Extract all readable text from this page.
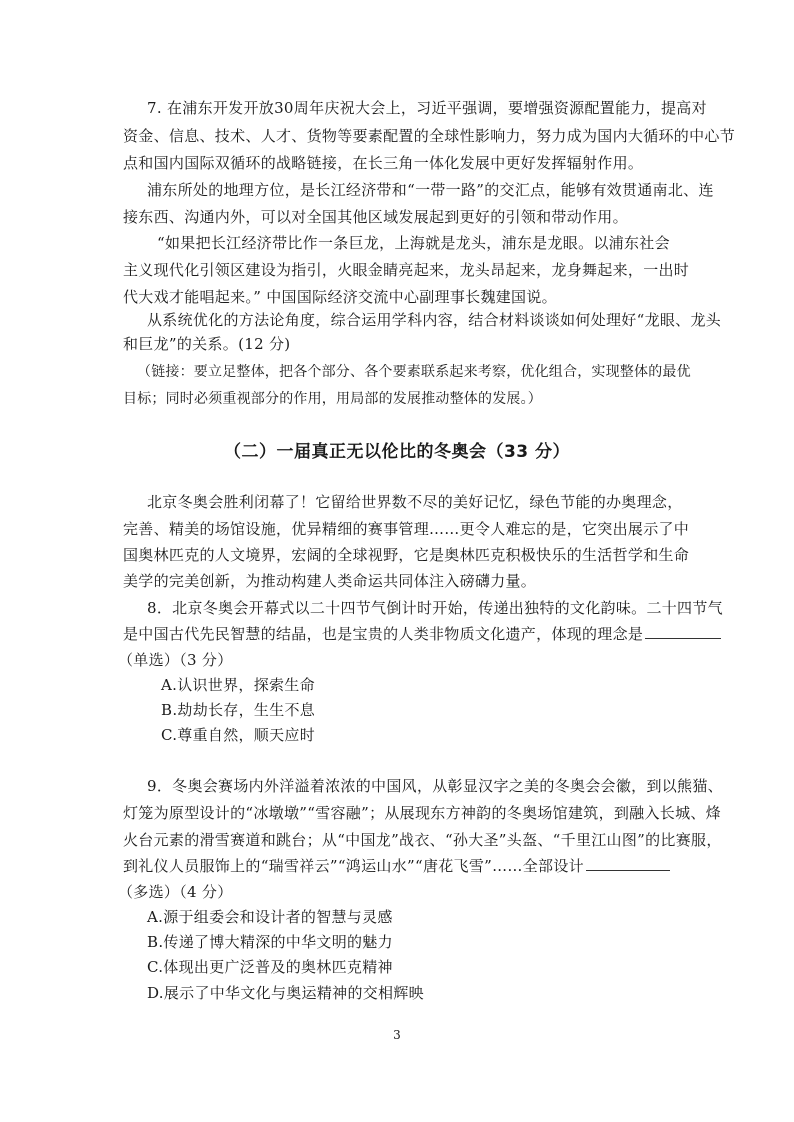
7. 在浦东开发开放30周年庆祝大会上，习近平强调，要增强资源配置能力，提高对
资金、信息、技术、人才、货物等要素配置的全球性影响力，努力成为国内大循环的中心节
点和国内国际双循环的战略链接，在长三角一体化发展中更好发挥辐射作用。
浦东所处的地理方位，是长江经济带和“一带一路”的交汇点，能够有效贯通南北、连
接东西、沟通内外，可以对全国其他区域发展起到更好的引领和带动作用。
“如果把长江经济带比作一条巨龙，上海就是龙头，浦东是龙眼。以浦东社会
主义现代化引领区建设为指引，火眼金睛亮起来，龙头昂起来，龙身舞起来，一出时
代大戏才能唱起来。” 中国国际经济交流中心副理事长魏建国说。
从系统优化的方法论角度，综合运用学科内容，结合材料谈谈如何处理好“龙眼、龙头
和巨龙”的关系。(12 分)
（链接：要立足整体，把各个部分、各个要素联系起来考察，优化组合，实现整体的最优
目标；同时必须重视部分的作用，用局部的发展推动整体的发展。）
（二）一届真正无以伦比的冬奥会（33 分）
北京冬奥会胜利闭幕了！它留给世界数不尽的美好记忆，绿色节能的办奥理念，
完善、精美的场馆设施，优异精细的赛事管理……更令人难忘的是，它突出展示了中
国奥林匹克的人文境界，宏阔的全球视野，它是奥林匹克积极快乐的生活哲学和生命
美学的完美创新，为推动构建人类命运共同体注入磅礴力量。
8．北京冬奥会开幕式以二十四节气倒计时开始，传递出独特的文化韵味。二十四节气
是中国古代先民智慧的结晶，也是宝贵的人类非物质文化遗产，体现的理念是
（单选）（3 分）
A.认识世界，探索生命
B.劫劫长存，生生不息
C.尊重自然，顺天应时
9．冬奥会赛场内外洋溢着浓浓的中国风，从彰显汉字之美的冬奥会会徽，到以熊猫、
灯笼为原型设计的“冰墩墩”“雪容融”；从展现东方神韵的冬奥场馆建筑，到融入长城、烽
火台元素的滑雪赛道和跳台；从“中国龙”战衣、“孙大圣”头盔、“千里江山图”的比赛服，
到礼仪人员服饰上的“瑞雪祥云”“鸿运山水”“唐花飞雪”……全部设计
（多选）（4 分）
A.源于组委会和设计者的智慧与灵感
B.传递了博大精深的中华文明的魅力
C.体现出更广泛普及的奥林匹克精神
D.展示了中华文化与奥运精神的交相辉映
3
